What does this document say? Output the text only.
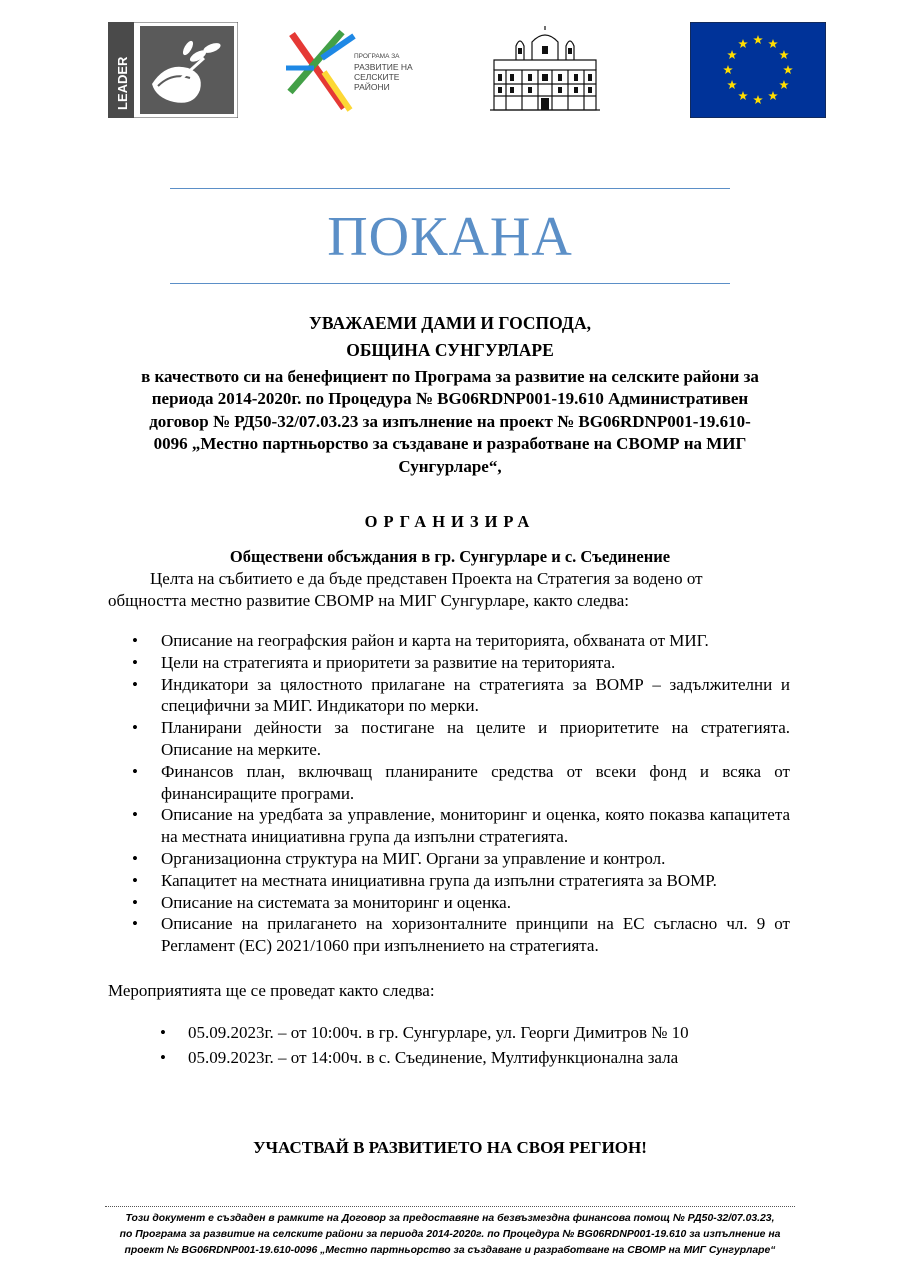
LEADER
ПРОГРАМА ЗА
РАЗВИТИЕ НА
СЕЛСКИТЕ РАЙОНИ
ПОКАНА
УВАЖАЕМИ ДАМИ И ГОСПОДА,
ОБЩИНА СУНГУРЛАРЕ
в качеството си на бенефициент по Програма за развитие на селските райони за
периода 2014-2020г. по Процедура № BG06RDNP001-19.610 Административен
договор № РД50-32/07.03.23 за изпълнение на проект № BG06RDNP001-19.610-
0096 „Местно партньорство за създаване и разработване на СВОМР на МИГ
Сунгурларе“,
ОРГАНИЗИРА
Обществени обсъждания в гр. Сунгурларе и с. Съединение
Целта на събитието е да бъде представен Проекта на Стратегия за водено от
общността местно развитие СВОМР на МИГ Сунгурларе, както следва:
• Описание на географския район и карта на територията, обхваната от МИГ.
• Цели на стратегията и приоритети за развитие на територията.
• Индикатори за цялостното прилагане на стратегията за ВОМР – задължителни и специфични за МИГ. Индикатори по мерки.
• Планирани дейности за постигане на целите и приоритетите на стратегията. Описание на мерките.
• Финансов план, включващ планираните средства от всеки фонд и всяка от финансиращите програми.
• Описание на уредбата за управление, мониторинг и оценка, която показва капацитета на местната инициативна група да изпълни стратегията.
• Организационна структура на МИГ. Органи за управление и контрол.
• Капацитет на местната инициативна група да изпълни стратегията за ВОМР.
• Описание на системата за мониторинг и оценка.
• Описание на прилагането на хоризонталните принципи на ЕС съгласно чл. 9 от Регламент (ЕС) 2021/1060 при изпълнението на стратегията.
Мероприятията ще се проведат както следва:
• 05.09.2023г. – от 10:00ч. в гр. Сунгурларе, ул. Георги Димитров № 10
• 05.09.2023г. – от 14:00ч. в с. Съединение, Мултифункционална зала
УЧАСТВАЙ В РАЗВИТИЕТО НА СВОЯ РЕГИОН!
Този документ е създаден в рамките на Договор за предоставяне на безвъзмездна финансова помощ № РД50-32/07.03.23,
по Програма за развитие на селските райони за периода 2014-2020г. по Процедура № BG06RDNP001-19.610 за изпълнение на
проект № BG06RDNP001-19.610-0096 „Местно партньорство за създаване и разработване на СВОМР на МИГ Сунгурларе“
